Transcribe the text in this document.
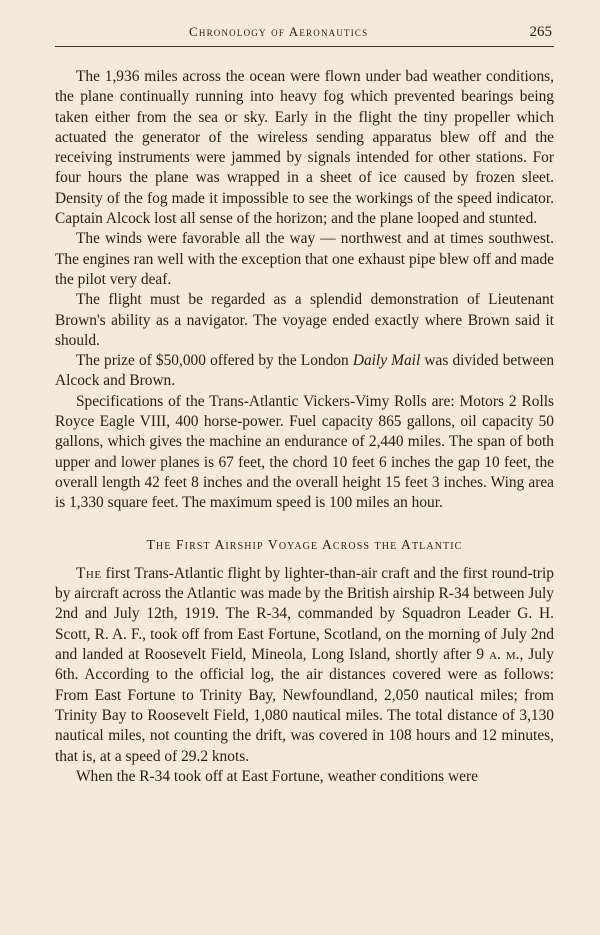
Chronology of Aeronautics	265

The 1,936 miles across the ocean were flown under bad weather conditions, the plane continually running into heavy fog which prevented bearings being taken either from the sea or sky. Early in the flight the tiny propeller which actuated the generator of the wireless sending apparatus blew off and the receiving instruments were jammed by signals intended for other stations. For four hours the plane was wrapped in a sheet of ice caused by frozen sleet. Density of the fog made it impossible to see the workings of the speed indicator. Captain Alcock lost all sense of the horizon; and the plane looped and stunted.

The winds were favorable all the way — northwest and at times southwest. The engines ran well with the exception that one exhaust pipe blew off and made the pilot very deaf.

The flight must be regarded as a splendid demonstration of Lieutenant Brown's ability as a navigator. The voyage ended exactly where Brown said it should.

The prize of $50,000 offered by the London Daily Mail was divided between Alcock and Brown.

Specifications of the Trans-Atlantic Vickers-Vimy Rolls are: Motors 2 Rolls Royce Eagle VIII, 400 horse-power. Fuel capacity 865 gallons, oil capacity 50 gallons, which gives the machine an endurance of 2,440 miles. The span of both upper and lower planes is 67 feet, the chord 10 feet 6 inches the gap 10 feet, the overall length 42 feet 8 inches and the overall height 15 feet 3 inches. Wing area is 1,330 square feet. The maximum speed is 100 miles an hour.

The First Airship Voyage Across the Atlantic

The first Trans-Atlantic flight by lighter-than-air craft and the first round-trip by aircraft across the Atlantic was made by the British airship R-34 between July 2nd and July 12th, 1919. The R-34, commanded by Squadron Leader G. H. Scott, R. A. F., took off from East Fortune, Scotland, on the morning of July 2nd and landed at Roosevelt Field, Mineola, Long Island, shortly after 9 a. m., July 6th. According to the official log, the air distances covered were as follows: From East Fortune to Trinity Bay, Newfoundland, 2,050 nautical miles; from Trinity Bay to Roosevelt Field, 1,080 nautical miles. The total distance of 3,130 nautical miles, not counting the drift, was covered in 108 hours and 12 minutes, that is, at a speed of 29.2 knots.

When the R-34 took off at East Fortune, weather conditions were
